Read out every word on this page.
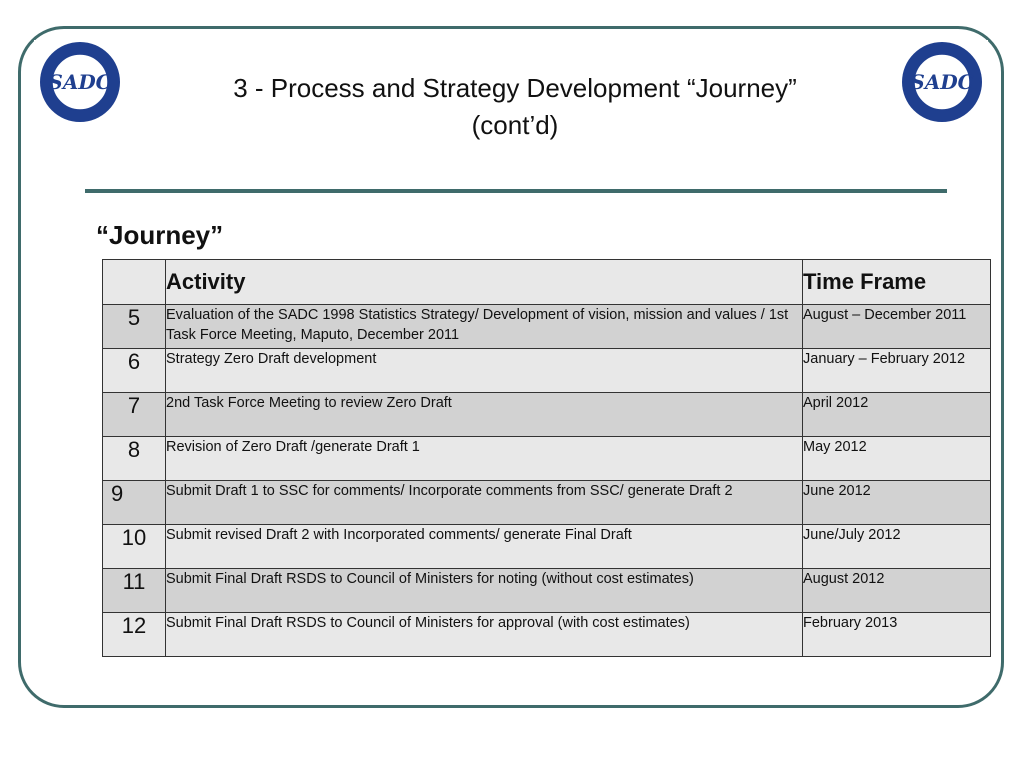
SADC	SADC
3 - Process and Strategy Development “Journey”
(cont’d)
“Journey”
	Activity	Time Frame
5	Evaluation of the SADC 1998 Statistics Strategy/ Development of vision, mission and values / 1st Task Force Meeting, Maputo, December 2011	August – December 2011
6	Strategy Zero Draft development	January – February 2012
7	2nd Task Force Meeting to review Zero Draft	April 2012
8	Revision of Zero Draft /generate Draft 1	May 2012
9	Submit Draft 1 to SSC for comments/ Incorporate comments from SSC/ generate Draft 2	June 2012
10	Submit revised Draft 2 with Incorporated comments/ generate Final Draft	June/July 2012
11	Submit Final Draft RSDS to Council of Ministers for noting (without cost estimates)	August 2012
12	Submit Final Draft RSDS to Council of Ministers for approval (with cost estimates)	February 2013
